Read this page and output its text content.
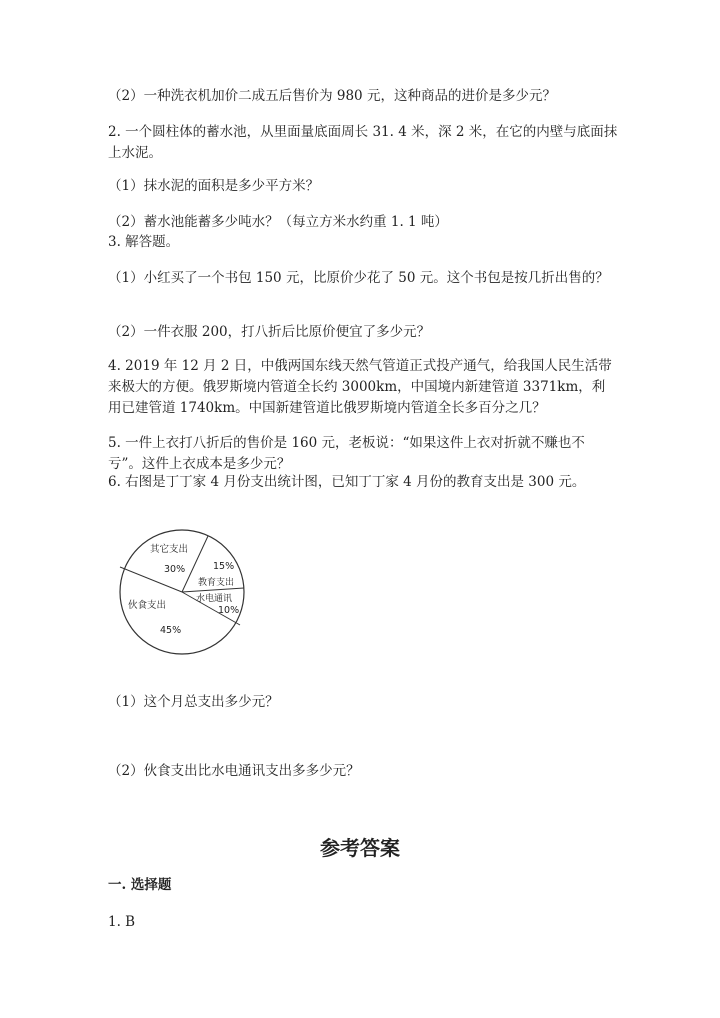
（2）一种洗衣机加价二成五后售价为 980 元，这种商品的进价是多少元？

2. 一个圆柱体的蓄水池，从里面量底面周长 31. 4 米，深 2 米，在它的内壁与底面抹上水泥。

（1）抹水泥的面积是多少平方米？

（2）蓄水池能蓄多少吨水？（每立方米水约重 1. 1 吨）

3. 解答题。

（1）小红买了一个书包 150 元，比原价少花了 50 元。这个书包是按几折出售的？

（2）一件衣服 200，打八折后比原价便宜了多少元？

4. 2019 年 12 月 2 日，中俄两国东线天然气管道正式投产通气，给我国人民生活带来极大的方便。俄罗斯境内管道全长约 3000km，中国境内新建管道 3371km，利用已建管道 1740km。中国新建管道比俄罗斯境内管道全长多百分之几？

5. 一件上衣打八折后的售价是 160 元，老板说：“如果这件上衣对折就不赚也不亏”。这件上衣成本是多少元？

6. 右图是丁丁家 4 月份支出统计图，已知丁丁家 4 月份的教育支出是 300 元。

其它支出
30%	15%
教育支出
水电通讯
10%
伙食支出
45%

（1）这个月总支出多少元？

（2）伙食支出比水电通讯支出多多少元？

参考答案
一. 选择题

1. B
